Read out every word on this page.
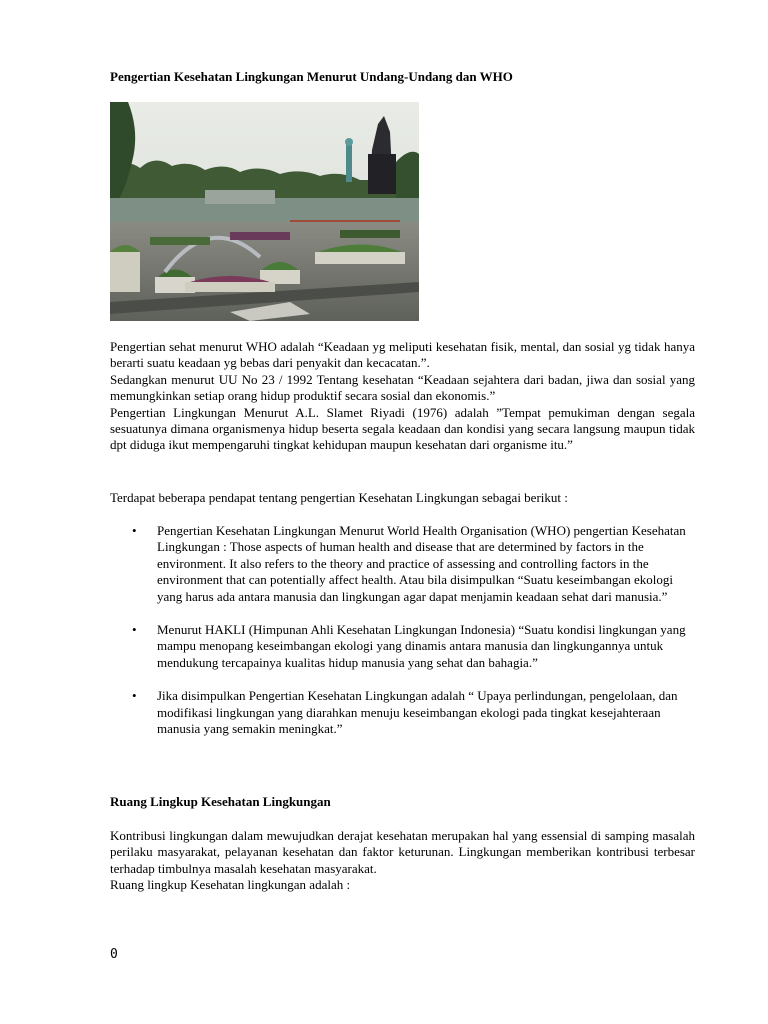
Pengertian Kesehatan Lingkungan Menurut Undang-Undang dan WHO

Pengertian sehat menurut WHO adalah “Keadaan yg meliputi kesehatan fisik, mental, dan sosial yg tidak hanya berarti suatu keadaan yg bebas dari penyakit dan kecacatan.”.
Sedangkan menurut UU No 23 / 1992 Tentang kesehatan “Keadaan sejahtera dari badan, jiwa dan sosial yang memungkinkan setiap orang hidup produktif secara sosial dan ekonomis.”
Pengertian Lingkungan Menurut A.L. Slamet Riyadi (1976) adalah ”Tempat pemukiman dengan segala sesuatunya dimana organismenya hidup beserta segala keadaan dan kondisi yang secara langsung maupun tidak dpt diduga ikut mempengaruhi tingkat kehidupan maupun kesehatan dari organisme itu.”

Terdapat beberapa pendapat tentang pengertian Kesehatan Lingkungan sebagai berikut :

• Pengertian Kesehatan Lingkungan Menurut World Health Organisation (WHO) pengertian Kesehatan Lingkungan : Those aspects of human health and disease that are determined by factors in the environment. It also refers to the theory and practice of assessing and controlling factors in the environment that can potentially affect health. Atau bila disimpulkan “Suatu keseimbangan ekologi yang harus ada antara manusia dan lingkungan agar dapat menjamin keadaan sehat dari manusia.”
• Menurut HAKLI (Himpunan Ahli Kesehatan Lingkungan Indonesia) “Suatu kondisi lingkungan yang mampu menopang keseimbangan ekologi yang dinamis antara manusia dan lingkungannya untuk mendukung tercapainya kualitas hidup manusia yang sehat dan bahagia.”
• Jika disimpulkan Pengertian Kesehatan Lingkungan adalah “ Upaya perlindungan, pengelolaan, dan modifikasi lingkungan yang diarahkan menuju keseimbangan ekologi pada tingkat kesejahteraan manusia yang semakin meningkat.”
Ruang Lingkup Kesehatan Lingkungan

Kontribusi lingkungan dalam mewujudkan derajat kesehatan merupakan hal yang essensial di samping masalah perilaku masyarakat, pelayanan kesehatan dan faktor keturunan. Lingkungan memberikan kontribusi terbesar terhadap timbulnya masalah kesehatan masyarakat.
Ruang lingkup Kesehatan lingkungan adalah :

0
